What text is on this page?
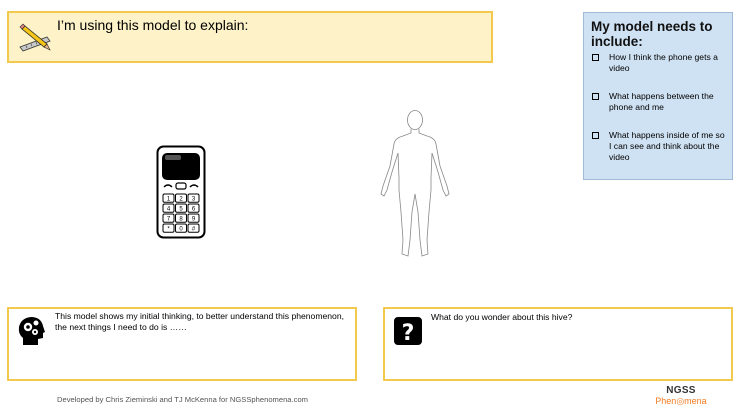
I’m using this model to explain:	My model needs to include:
How I think the phone gets a video
What happens between the phone and me
What happens inside of me so I can see and think about the video
1 2 3
4 5 6
7 8 9
* 0 #
This model shows my initial thinking, to better understand this phenomenon, the next things I need to do is ……	?
What do you wonder about this hive?
Developed by Chris Zieminski and TJ McKenna for NGSSphenomena.com
NGSS
Phen◎mena
